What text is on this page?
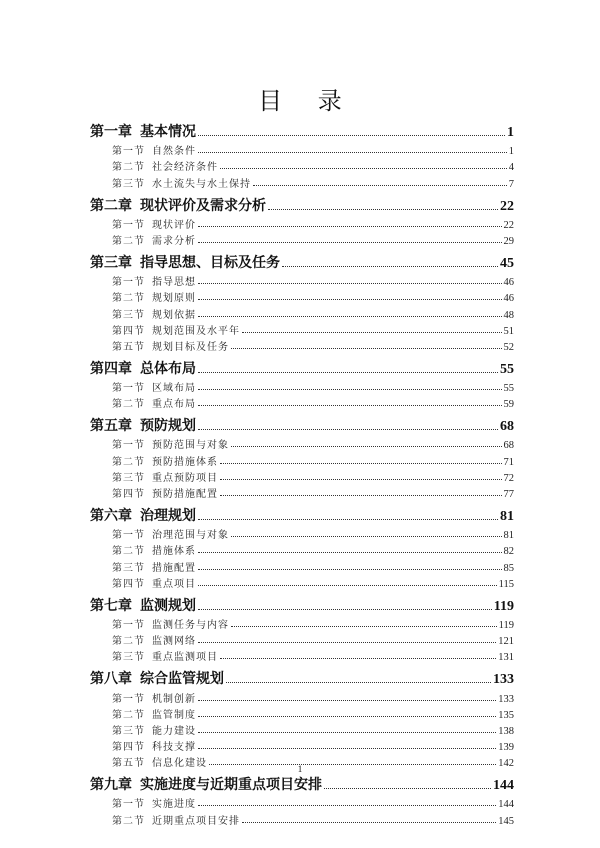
目 录
第一章 基本情况	1
第一节 自然条件	1
第二节 社会经济条件	4
第三节 水土流失与水土保持	7
第二章 现状评价及需求分析	22
第一节 现状评价	22
第二节 需求分析	29
第三章 指导思想、目标及任务	45
第一节 指导思想	46
第二节 规划原则	46
第三节 规划依据	48
第四节 规划范围及水平年	51
第五节 规划目标及任务	52
第四章 总体布局	55
第一节 区域布局	55
第二节 重点布局	59
第五章 预防规划	68
第一节 预防范围与对象	68
第二节 预防措施体系	71
第三节 重点预防项目	72
第四节 预防措施配置	77
第六章 治理规划	81
第一节 治理范围与对象	81
第二节 措施体系	82
第三节 措施配置	85
第四节 重点项目	115
第七章 监测规划	119
第一节 监测任务与内容	119
第二节 监测网络	121
第三节 重点监测项目	131
第八章 综合监管规划	133
第一节 机制创新	133
第二节 监管制度	135
第三节 能力建设	138
第四节 科技支撑	139
第五节 信息化建设	142
第九章 实施进度与近期重点项目安排	144
第一节 实施进度	144
第二节 近期重点项目安排	145
1
